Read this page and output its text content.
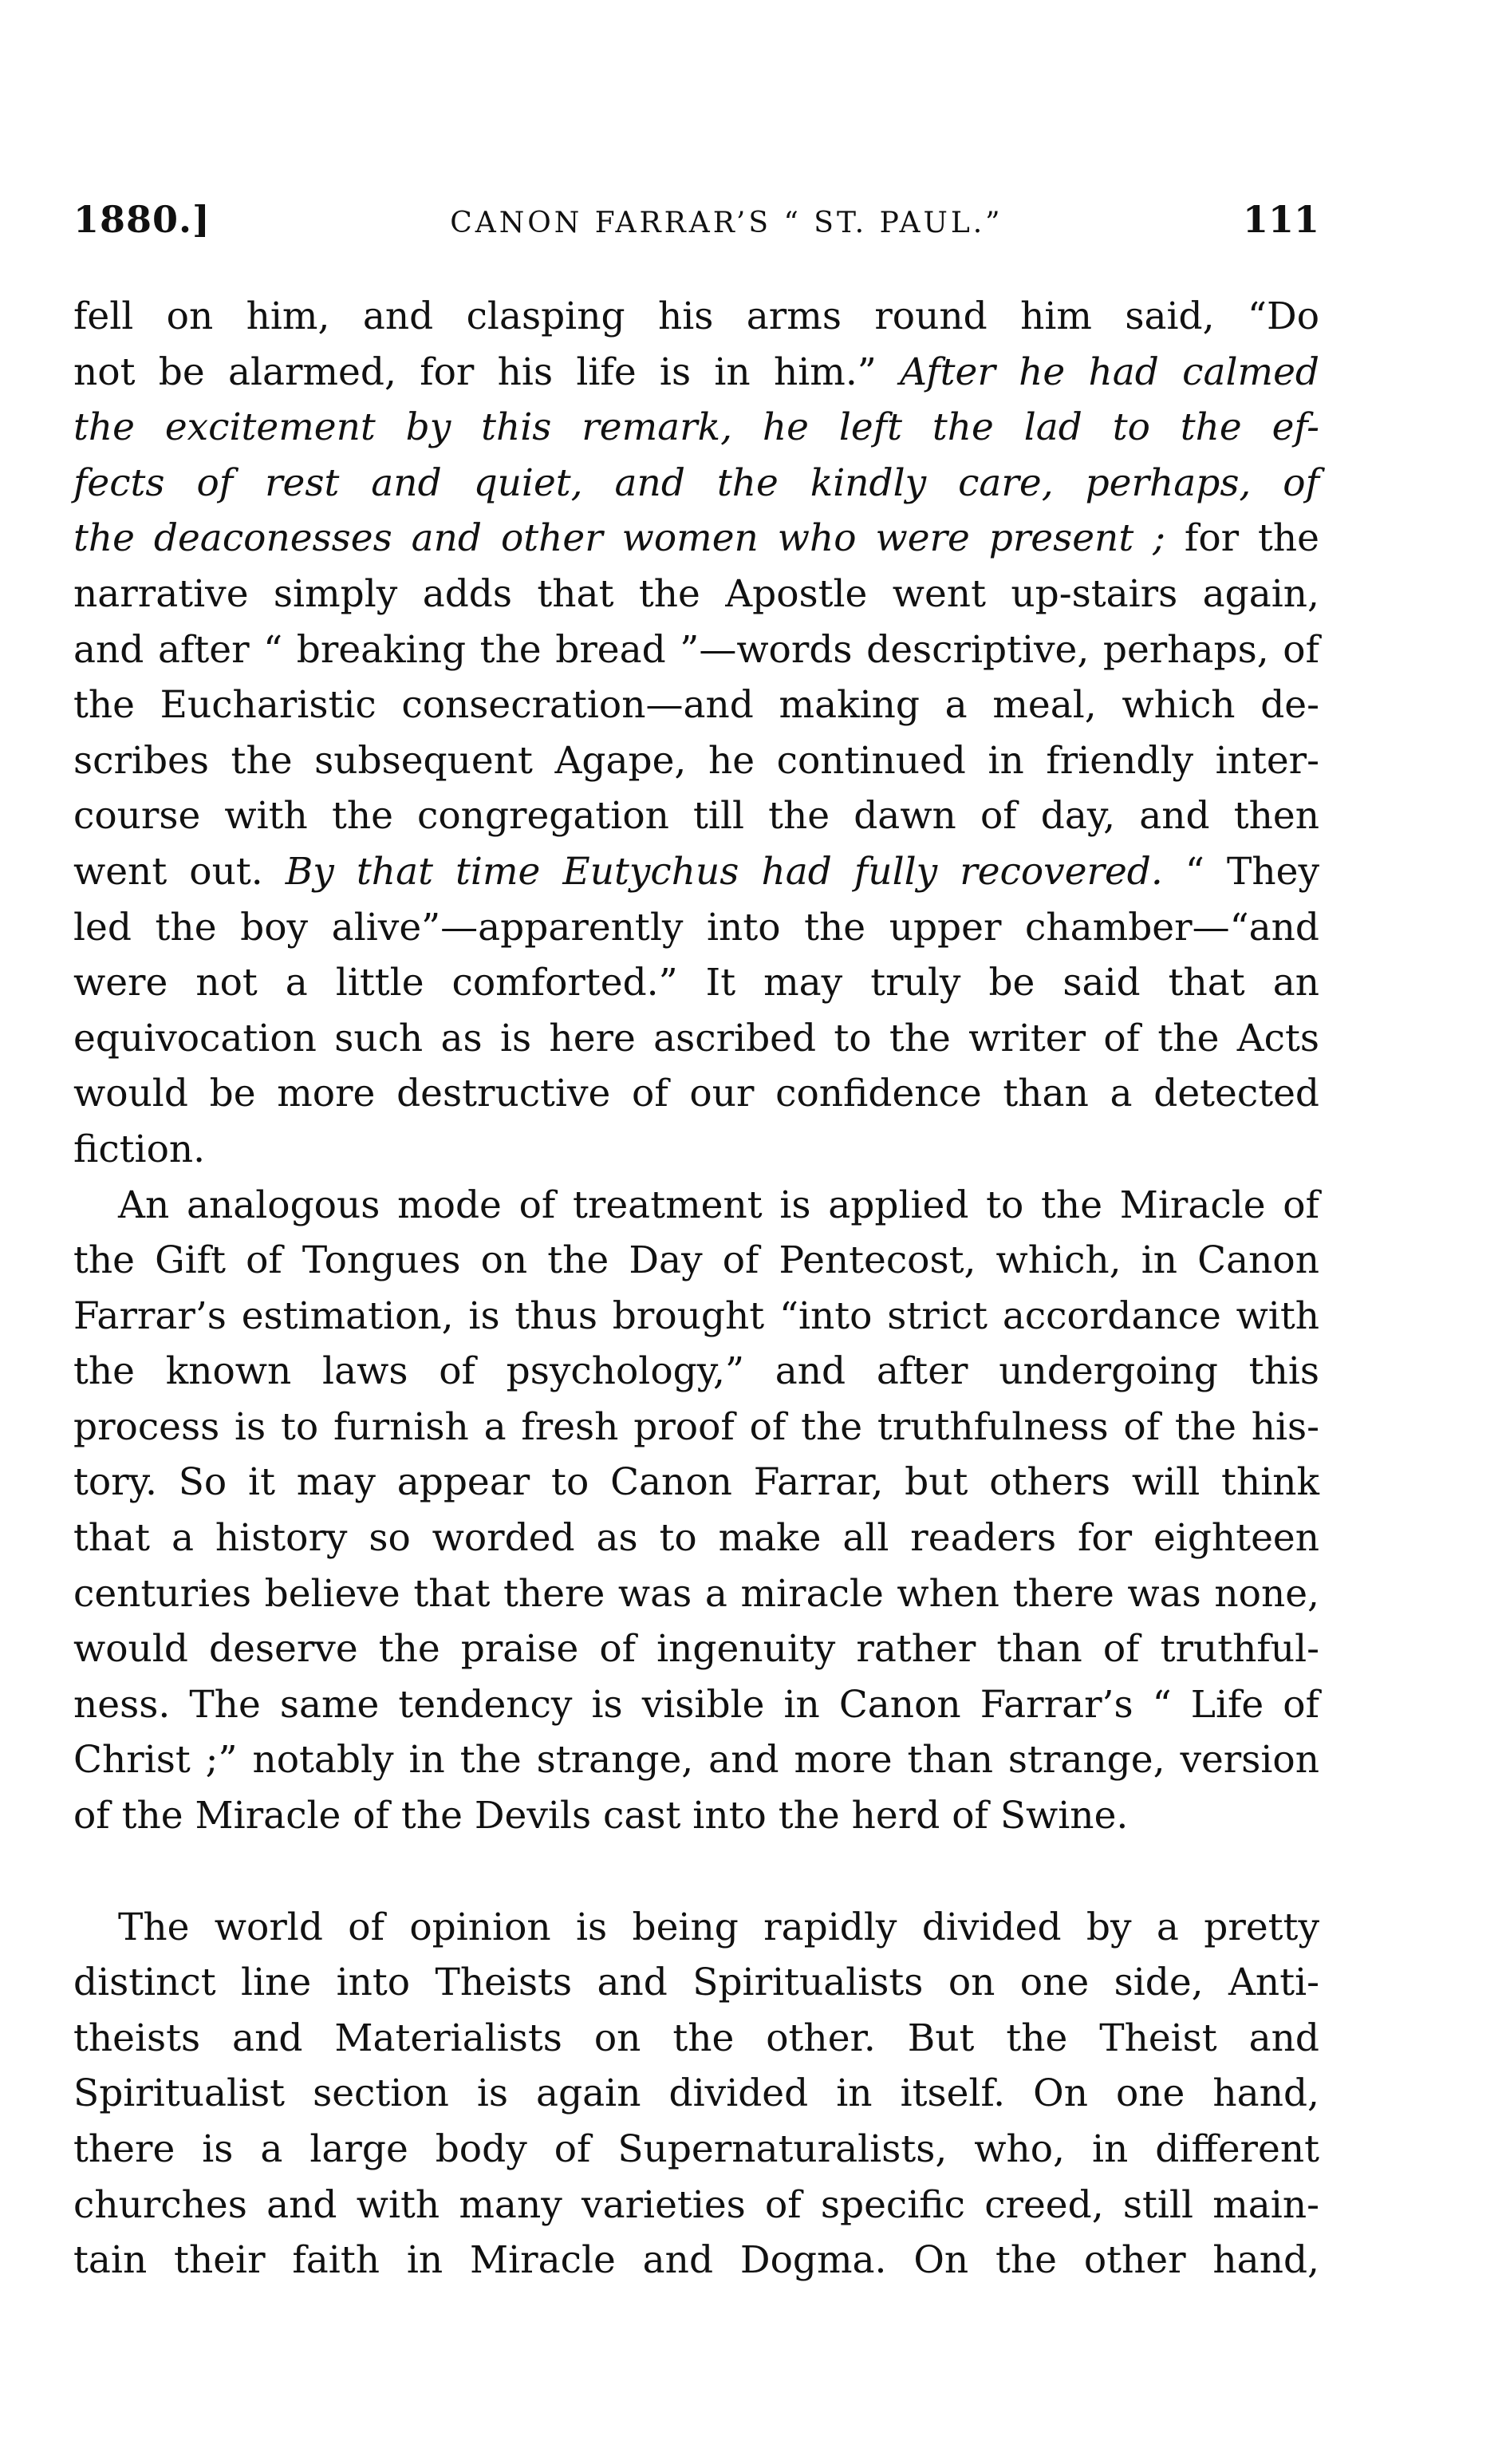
1880.]	CANON FARRAR’S “ ST. PAUL.”	111
fell on him, and clasping his arms round him said, “Do
not be alarmed, for his life is in him.” After he had calmed
the excitement by this remark, he left the lad to the ef-
fects of rest and quiet, and the kindly care, perhaps, of
the deaconesses and other women who were present ; for the
narrative simply adds that the Apostle went up-stairs again,
and after “ breaking the bread ”—words descriptive, perhaps, of
the Eucharistic consecration—and making a meal, which de-
scribes the subsequent Agape, he continued in friendly inter-
course with the congregation till the dawn of day, and then
went out. By that time Eutychus had fully recovered. “ They
led the boy alive”—apparently into the upper chamber—“and
were not a little comforted.” It may truly be said that an
equivocation such as is here ascribed to the writer of the Acts
would be more destructive of our confidence than a detected
fiction.
An analogous mode of treatment is applied to the Miracle of
the Gift of Tongues on the Day of Pentecost, which, in Canon
Farrar’s estimation, is thus brought “into strict accordance with
the known laws of psychology,” and after undergoing this
process is to furnish a fresh proof of the truthfulness of the his-
tory. So it may appear to Canon Farrar, but others will think
that a history so worded as to make all readers for eighteen
centuries believe that there was a miracle when there was none,
would deserve the praise of ingenuity rather than of truthful-
ness. The same tendency is visible in Canon Farrar’s “ Life of
Christ ;” notably in the strange, and more than strange, version
of the Miracle of the Devils cast into the herd of Swine.
The world of opinion is being rapidly divided by a pretty
distinct line into Theists and Spiritualists on one side, Anti-
theists and Materialists on the other. But the Theist and
Spiritualist section is again divided in itself. On one hand,
there is a large body of Supernaturalists, who, in different
churches and with many varieties of specific creed, still main-
tain their faith in Miracle and Dogma. On the other hand,
